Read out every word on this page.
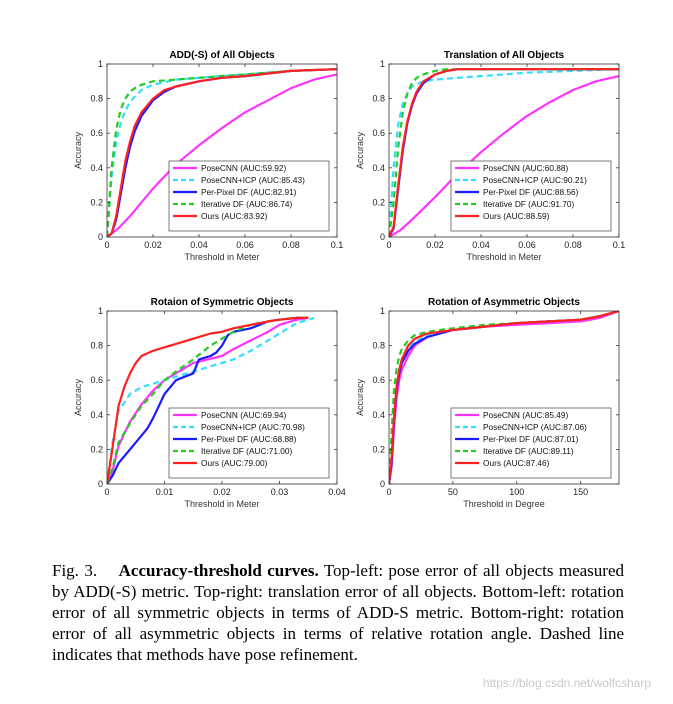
ADD(-S) of All Objects
0	0.02	0.04	0.06	0.08	0.1
0
0.2
0.4
0.6
0.8
1
Threshold in Meter
Accuracy	PoseCNN (AUC:59.92)
PoseCNN+ICP (AUC:85.43)
Per-Pixel DF (AUC:82.91)
Iterative DF (AUC:86.74)
Ours (AUC:83.92)
Translation of All Objects
0	0.02	0.04	0.06	0.08	0.1
0
0.2
0.4
0.6
0.8
1
Threshold in Meter
Accuracy	PoseCNN (AUC:60.88)
PoseCNN+ICP (AUC:90.21)
Per-Pixel DF (AUC:88.56)
Iterative DF (AUC:91.70)
Ours (AUC:88.59)
Rotaion of Symmetric Objects
0	0.01	0.02	0.03	0.04
0
0.2
0.4
0.6
0.8
1
Threshold in Meter
Accuracy	PoseCNN (AUC:69.94)
PoseCNN+ICP (AUC:70.98)
Per-Pixel DF (AUC:68.88)
Iterative DF (AUC:71.00)
Ours (AUC:79.00)
Rotation of Asymmetric Objects
0	50	100	150
0
0.2
0.4
0.6
0.8
1
Threshold in Degree
Accuracy	PoseCNN (AUC:85.49)
PoseCNN+ICP (AUC:87.06)
Per-Pixel DF (AUC:87.01)
Iterative DF (AUC:89.11)
Ours (AUC:87.46)
Fig. 3. Accuracy-threshold curves. Top-left: pose error of all objects measured by ADD(-S) metric. Top-right: translation error of all objects. Bottom-left: rotation error of all symmetric objects in terms of ADD-S metric. Bottom-right: rotation error of all asymmetric objects in terms of relative rotation angle. Dashed line indicates that methods have pose refinement.
https://blog.csdn.net/wolfcsharp
